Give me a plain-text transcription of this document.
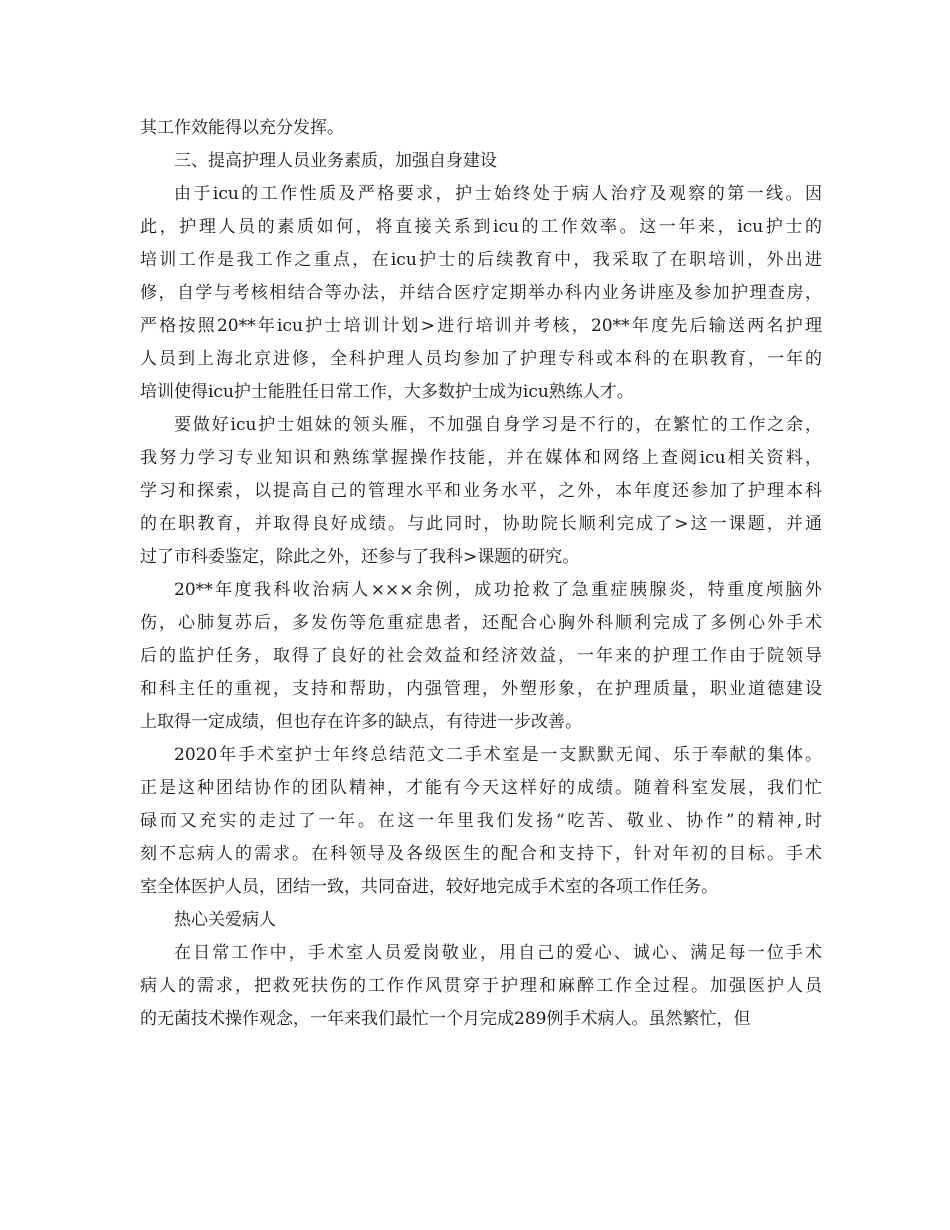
其工作效能得以充分发挥。
三、提高护理人员业务素质，加强自身建设
由于icu的工作性质及严格要求，护士始终处于病人治疗及观察的第一线。因
此，护理人员的素质如何，将直接关系到icu的工作效率。这一年来，icu护士的
培训工作是我工作之重点，在icu护士的后续教育中，我采取了在职培训，外出进
修，自学与考核相结合等办法，并结合医疗定期举办科内业务讲座及参加护理查房，
严格按照20**年icu护士培训计划>进行培训并考核，20**年度先后输送两名护理
人员到上海北京进修，全科护理人员均参加了护理专科或本科的在职教育，一年的
培训使得icu护士能胜任日常工作，大多数护士成为icu熟练人才。
要做好icu护士姐妹的领头雁，不加强自身学习是不行的，在繁忙的工作之余，
我努力学习专业知识和熟练掌握操作技能，并在媒体和网络上查阅icu相关资料，
学习和探索，以提高自己的管理水平和业务水平，之外，本年度还参加了护理本科
的在职教育，并取得良好成绩。与此同时，协助院长顺利完成了>这一课题，并通
过了市科委鉴定，除此之外，还参与了我科>课题的研究。
20**年度我科收治病人×××余例，成功抢救了急重症胰腺炎，特重度颅脑外
伤，心肺复苏后，多发伤等危重症患者，还配合心胸外科顺利完成了多例心外手术
后的监护任务，取得了良好的社会效益和经济效益，一年来的护理工作由于院领导
和科主任的重视，支持和帮助，内强管理，外塑形象，在护理质量，职业道德建设
上取得一定成绩，但也存在许多的缺点，有待进一步改善。
2020年手术室护士年终总结范文二手术室是一支默默无闻、乐于奉献的集体。
正是这种团结协作的团队精神，才能有今天这样好的成绩。随着科室发展，我们忙
碌而又充实的走过了一年。在这一年里我们发扬“吃苦、敬业、协作”的精神,时
刻不忘病人的需求。在科领导及各级医生的配合和支持下，针对年初的目标。手术
室全体医护人员，团结一致，共同奋进，较好地完成手术室的各项工作任务。
热心关爱病人
在日常工作中，手术室人员爱岗敬业，用自己的爱心、诚心、满足每一位手术
病人的需求，把救死扶伤的工作作风贯穿于护理和麻醉工作全过程。加强医护人员
的无菌技术操作观念，一年来我们最忙一个月完成289例手术病人。虽然繁忙，但
